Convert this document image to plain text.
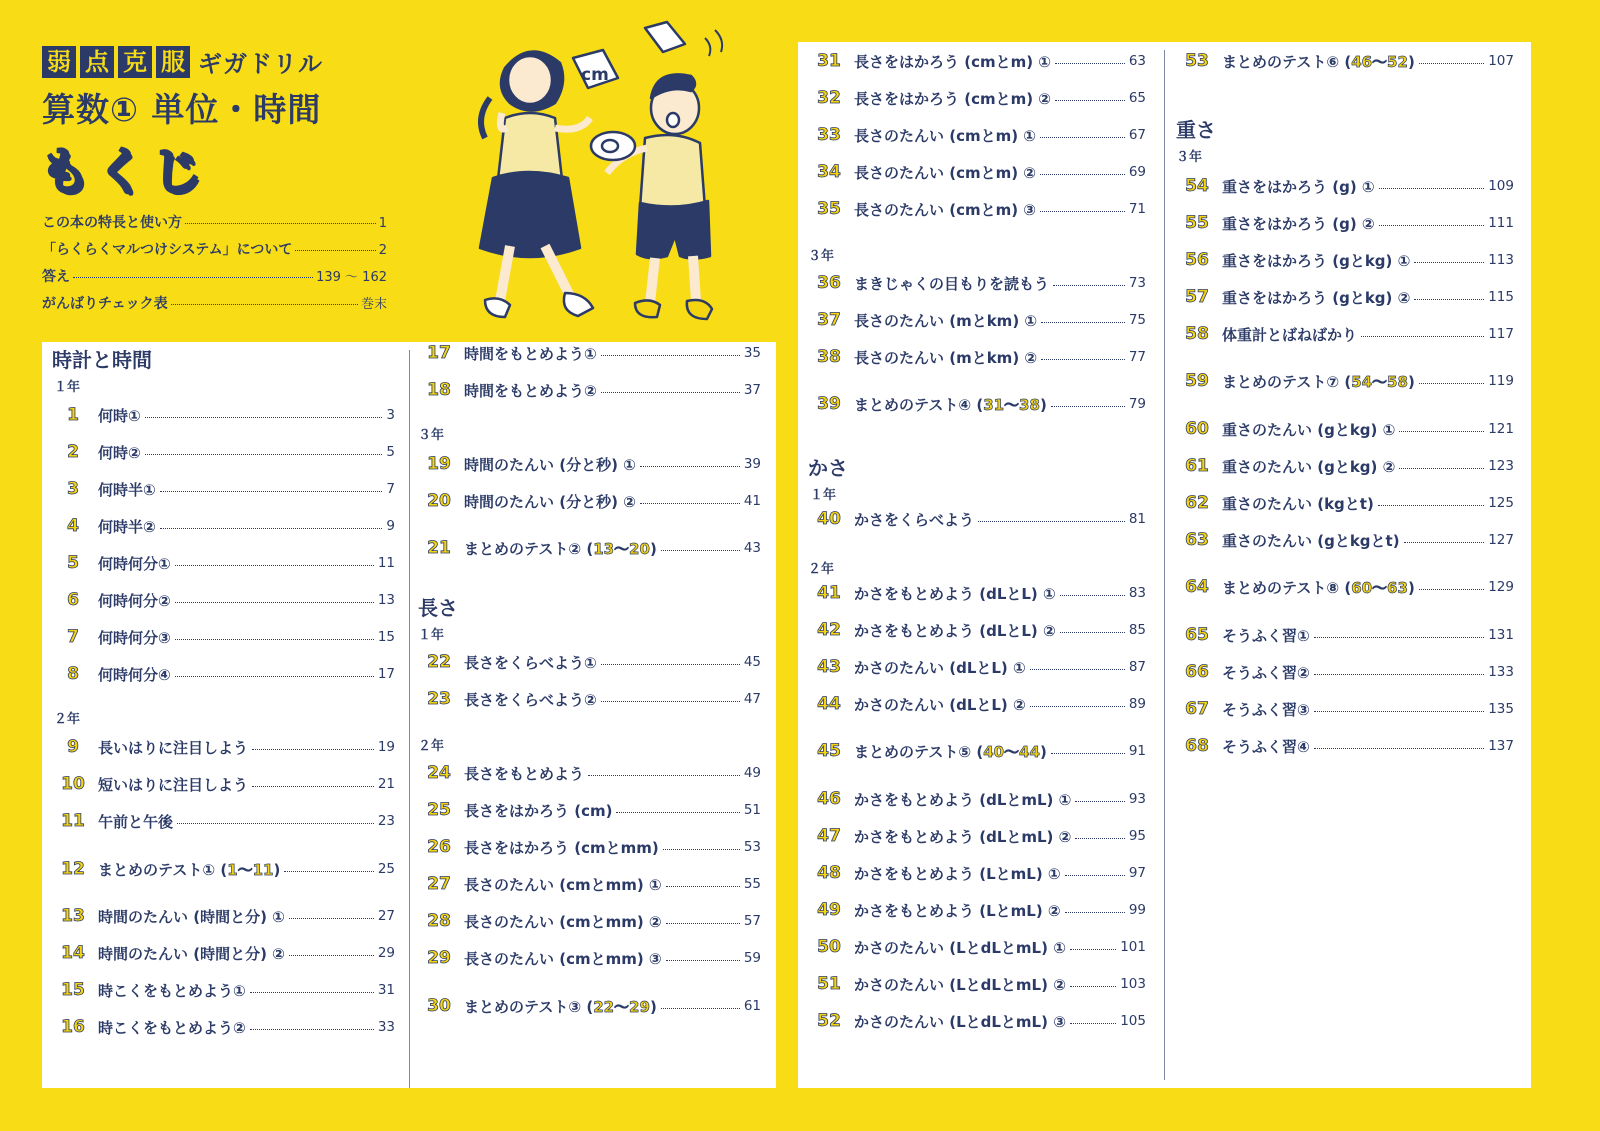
弱 点 克 服 ギガドリル
算数① 単位・時間
もくじ
この本の特長と使い方	1
「らくらくマルつけシステム」について	2
答え	139 ～ 162
がんばりチェック表	巻末
cm
時計と時間
１年
２年
1	何時①	3
2	何時②	5
3	何時半①	7
4	何時半②	9
5	何時何分①	11
6	何時何分②	13
7	何時何分③	15
8	何時何分④	17
9	長いはりに注目しよう	19
10 短いはりに注目しよう	21
11 午前と午後	23
12 まとめのテスト① (1～11)	25
13 時間のたんい (時間と分) ①	27
14 時間のたんい (時間と分) ②	29
15 時こくをもとめよう①	31
16 時こくをもとめよう②	33
３年
長さ
１年
２年
17 時間をもとめよう①	35
18 時間をもとめよう②	37
19 時間のたんい (分と秒) ①	39
20 時間のたんい (分と秒) ②	41
21 まとめのテスト② (13～20)	43
22 長さをくらべよう①	45
23 長さをくらべよう②	47
24 長さをもとめよう	49
25 長さをはかろう (cm)	51
26 長さをはかろう (cmとmm)	53
27 長さのたんい (cmとmm) ①	55
28 長さのたんい (cmとmm) ②	57
29 長さのたんい (cmとmm) ③	59
30 まとめのテスト③ (22～29)	61
３年
かさ
１年
２年
31 長さをはかろう (cmとm) ①	63
32 長さをはかろう (cmとm) ②	65
33 長さのたんい (cmとm) ①	67
34 長さのたんい (cmとm) ②	69
35 長さのたんい (cmとm) ③	71
36 まきじゃくの目もりを読もう	73
37 長さのたんい (mとkm) ①	75
38 長さのたんい (mとkm) ②	77
39 まとめのテスト④ (31～38)	79
40 かさをくらべよう	81
41 かさをもとめよう (dLとL) ①	83
42 かさをもとめよう (dLとL) ②	85
43 かさのたんい (dLとL) ①	87
44 かさのたんい (dLとL) ②	89
45 まとめのテスト⑤ (40～44)	91
46 かさをもとめよう (dLとmL) ①	93
47 かさをもとめよう (dLとmL) ②	95
48 かさをもとめよう (LとmL) ①	97
49 かさをもとめよう (LとmL) ②	99
50 かさのたんい (LとdLとmL) ①	101
51 かさのたんい (LとdLとmL) ②	103
52 かさのたんい (LとdLとmL) ③	105
重さ
３年
53 まとめのテスト⑥ (46～52)	107
54 重さをはかろう (g) ①	109
55 重さをはかろう (g) ②	111
56 重さをはかろう (gとkg) ①	113
57 重さをはかろう (gとkg) ②	115
58 体重計とばねばかり	117
59 まとめのテスト⑦ (54～58)	119
60 重さのたんい (gとkg) ①	121
61 重さのたんい (gとkg) ②	123
62 重さのたんい (kgとt)	125
63 重さのたんい (gとkgとt)	127
64 まとめのテスト⑧ (60～63)	129
65 そうふく習①	131
66 そうふく習②	133
67 そうふく習③	135
68 そうふく習④	137
